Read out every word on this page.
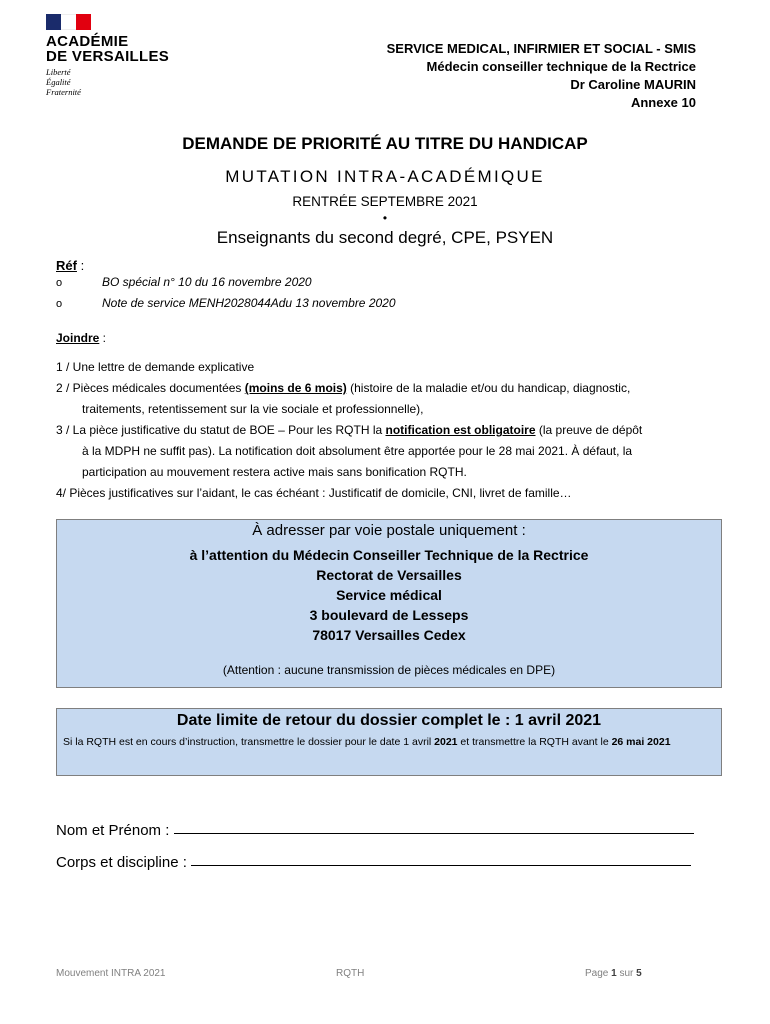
ACADÉMIE
DE VERSAILLES
Liberté
Égalité
Fraternité
SERVICE MEDICAL, INFIRMIER ET SOCIAL - SMIS
Médecin conseiller technique de la Rectrice
Dr Caroline MAURIN
Annexe 10
DEMANDE DE PRIORITÉ AU TITRE DU HANDICAP
MUTATION INTRA-ACADÉMIQUE
RENTRÉE SEPTEMBRE 2021
•
Enseignants du second degré, CPE, PSYEN
Réf :
o	BO spécial n° 10 du 16 novembre 2020
o	Note de service MENH2028044Adu 13 novembre 2020
Joindre :
1 / Une lettre de demande explicative
2 / Pièces médicales documentées (moins de 6 mois) (histoire de la maladie et/ou du handicap, diagnostic,
traitements, retentissement sur la vie sociale et professionnelle),
3 / La pièce justificative du statut de BOE – Pour les RQTH la notification est obligatoire (la preuve de dépôt
à la MDPH ne suffit pas). La notification doit absolument être apportée pour le 28 mai 2021. À défaut, la
participation au mouvement restera active mais sans bonification RQTH.
4/ Pièces justificatives sur l’aidant, le cas échéant : Justificatif de domicile, CNI, livret de famille…
À adresser par voie postale uniquement :
à l’attention du Médecin Conseiller Technique de la Rectrice
Rectorat de Versailles
Service médical
3 boulevard de Lesseps
78017 Versailles Cedex
(Attention : aucune transmission de pièces médicales en DPE)
Date limite de retour du dossier complet le : 1 avril 2021
Si la RQTH est en cours d’instruction, transmettre le dossier pour le date 1 avril 2021 et transmettre la RQTH avant le 26 mai 2021
Nom et Prénom :
Corps et discipline :
Mouvement INTRA 2021	RQTH	Page 1 sur 5
